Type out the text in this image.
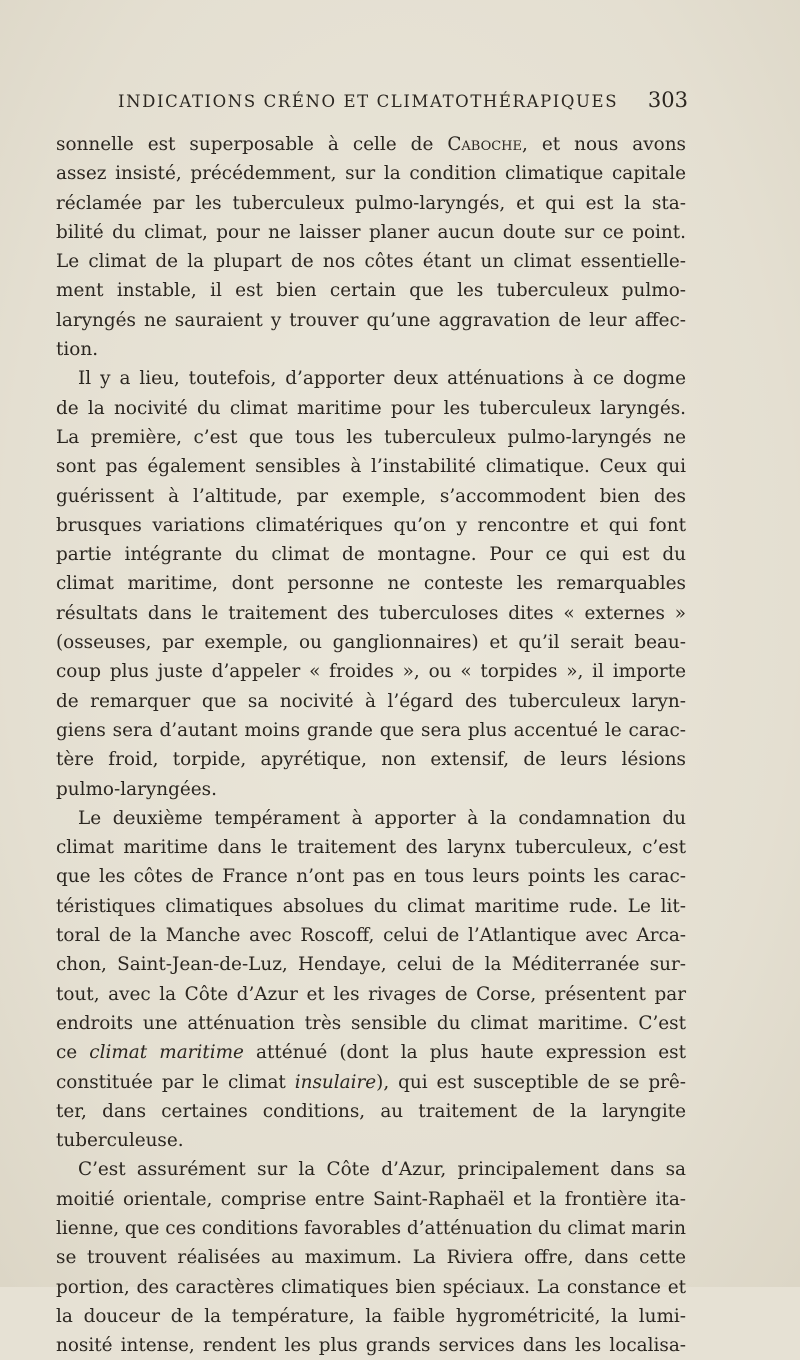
INDICATIONS CRÉNO ET CLIMATOTHÉRAPIQUES 303
sonnelle est superposable à celle de Caboche, et nous avons
assez insisté, précédemment, sur la condition climatique capitale
réclamée par les tuberculeux pulmo-laryngés, et qui est la sta-
bilité du climat, pour ne laisser planer aucun doute sur ce point.
Le climat de la plupart de nos côtes étant un climat essentielle-
ment instable, il est bien certain que les tuberculeux pulmo-
laryngés ne sauraient y trouver qu’une aggravation de leur affec-
tion.
Il y a lieu, toutefois, d’apporter deux atténuations à ce dogme
de la nocivité du climat maritime pour les tuberculeux laryngés.
La première, c’est que tous les tuberculeux pulmo-laryngés ne
sont pas également sensibles à l’instabilité climatique. Ceux qui
guérissent à l’altitude, par exemple, s’accommodent bien des
brusques variations climatériques qu’on y rencontre et qui font
partie intégrante du climat de montagne. Pour ce qui est du
climat maritime, dont personne ne conteste les remarquables
résultats dans le traitement des tuberculoses dites « externes »
(osseuses, par exemple, ou ganglionnaires) et qu’il serait beau-
coup plus juste d’appeler « froides », ou « torpides », il importe
de remarquer que sa nocivité à l’égard des tuberculeux laryn-
giens sera d’autant moins grande que sera plus accentué le carac-
tère froid, torpide, apyrétique, non extensif, de leurs lésions
pulmo-laryngées.
Le deuxième tempérament à apporter à la condamnation du
climat maritime dans le traitement des larynx tuberculeux, c’est
que les côtes de France n’ont pas en tous leurs points les carac-
téristiques climatiques absolues du climat maritime rude. Le lit-
toral de la Manche avec Roscoff, celui de l’Atlantique avec Arca-
chon, Saint-Jean-de-Luz, Hendaye, celui de la Méditerranée sur-
tout, avec la Côte d’Azur et les rivages de Corse, présentent par
endroits une atténuation très sensible du climat maritime. C’est
ce climat maritime atténué (dont la plus haute expression est
constituée par le climat insulaire), qui est susceptible de se prê-
ter, dans certaines conditions, au traitement de la laryngite
tuberculeuse.
C’est assurément sur la Côte d’Azur, principalement dans sa
moitié orientale, comprise entre Saint-Raphaël et la frontière ita-
lienne, que ces conditions favorables d’atténuation du climat marin
se trouvent réalisées au maximum. La Riviera offre, dans cette
portion, des caractères climatiques bien spéciaux. La constance et
la douceur de la température, la faible hygrométricité, la lumi-
nosité intense, rendent les plus grands services dans les localisa-
